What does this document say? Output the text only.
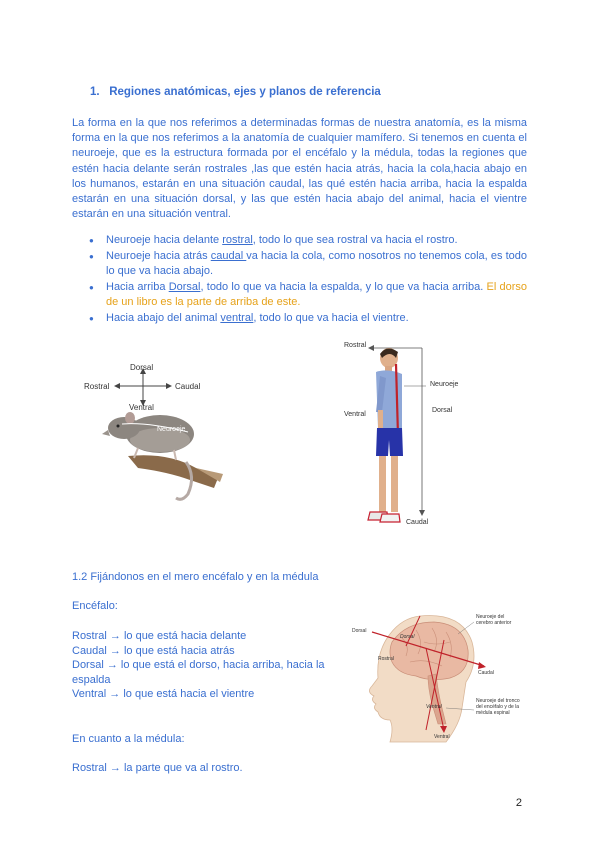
1. Regiones anatómicas, ejes y planos de referencia
La forma en la que nos referimos a determinadas formas de nuestra anatomía, es la misma forma en la que nos referimos a la anatomía de cualquier mamífero. Si tenemos en cuenta el neuroeje, que es la estructura formada por el encéfalo y la médula, todas la regiones que estén hacia delante serán rostrales ,las que estén hacia atrás, hacia la cola,hacia abajo en los humanos, estarán en una situación caudal, las qué estén hacia arriba, hacia la espalda estarán en una situación dorsal, y las que estén hacia abajo del animal, hacia el vientre estarán en una situación ventral.
● Neuroeje hacia delante rostral, todo lo que sea rostral va hacia el rostro.
● Neuroeje hacia atrás caudal va hacia la cola, como nosotros no tenemos cola, es todo lo que va hacia abajo.
● Hacia arriba Dorsal, todo lo que va hacia la espalda, y lo que va hacia arriba. El dorso de un libro es la parte de arriba de este.
● Hacia abajo del animal ventral, todo lo que va hacia el vientre.
Dorsal
Rostral	Caudal
Ventral
Neuroeje
Rostral
Neuroeje
Ventral
Dorsal
Caudal
1.2 Fijándonos en el mero encéfalo y en la médula
Encéfalo:
Rostral → lo que está hacia delante
Caudal → lo que está hacia atrás
Dorsal → lo que está el dorso, hacia arriba, hacia la espalda
Ventral → lo que está hacia el vientre
En cuanto a la médula:
Rostral → la parte que va al rostro.
Dorsal
Dorsal
Rostral
Caudal
Ventral
Ventral
Neuroeje del cerebro anterior
Neuroeje del tronco del encéfalo y de la médula espinal
2
